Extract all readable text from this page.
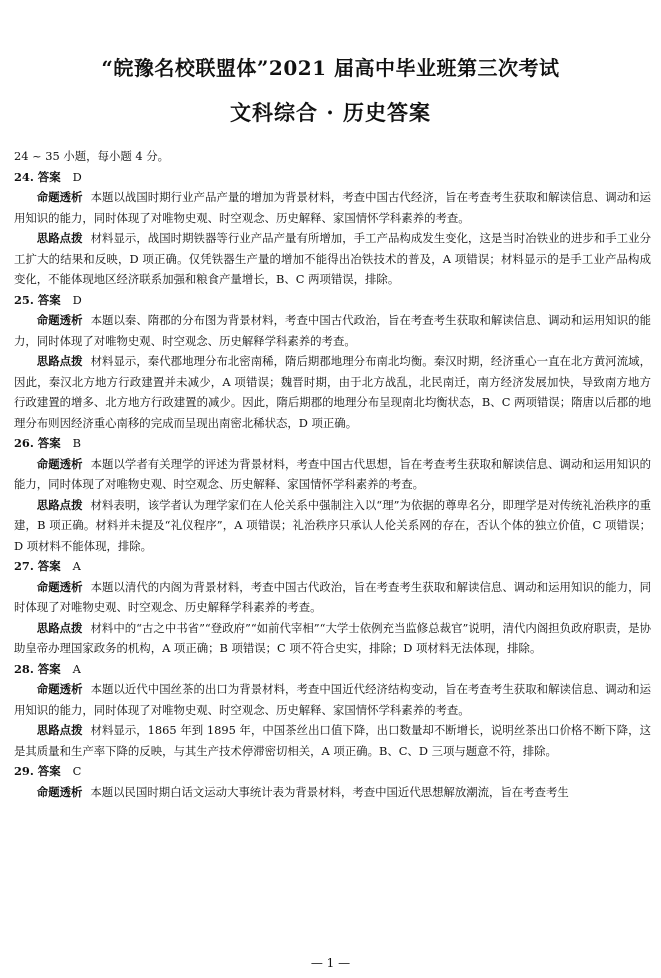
“皖豫名校联盟体”2021 届高中毕业班第三次考试
文科综合 · 历史答案
24 ~ 35 小题，每小题 4 分。
24. 答案 D

命题透析 本题以战国时期行业产品产量的增加为背景材料，考查中国古代经济，旨在考查考生获取和解读信息、调动和运用知识的能力，同时体现了对唯物史观、时空观念、历史解释、家国情怀学科素养的考查。

思路点拨 材料显示，战国时期铁器等行业产品产量有所增加，手工产品构成发生变化，这是当时冶铁业的进步和手工业分工扩大的结果和反映，D 项正确。仅凭铁器生产量的增加不能得出冶铁技术的普及，A 项错误；材料显示的是手工业产品构成变化，不能体现地区经济联系加强和粮食产量增长，B、C 两项错误，排除。

25. 答案 D

命题透析 本题以秦、隋郡的分布图为背景材料，考查中国古代政治，旨在考查考生获取和解读信息、调动和运用知识的能力，同时体现了对唯物史观、时空观念、历史解释学科素养的考查。

思路点拨 材料显示，秦代郡地理分布北密南稀，隋后期郡地理分布南北均衡。秦汉时期，经济重心一直在北方黄河流域，因此，秦汉北方地方行政建置并未减少，A 项错误；魏晋时期，由于北方战乱，北民南迁，南方经济发展加快，导致南方地方行政建置的增多、北方地方行政建置的减少。因此，隋后期郡的地理分布呈现南北均衡状态，B、C 两项错误；隋唐以后郡的地理分布则因经济重心南移的完成而呈现出南密北稀状态，D 项正确。

26. 答案 B

命题透析 本题以学者有关理学的评述为背景材料，考查中国古代思想，旨在考查考生获取和解读信息、调动和运用知识的能力，同时体现了对唯物史观、时空观念、历史解释、家国情怀学科素养的考查。

思路点拨 材料表明，该学者认为理学家们在人伦关系中强制注入以“理”为依据的尊卑名分，即理学是对传统礼治秩序的重建，B 项正确。材料并未提及“礼仪程序”，A 项错误；礼治秩序只承认人伦关系网的存在，否认个体的独立价值，C 项错误；D 项材料不能体现，排除。

27. 答案 A

命题透析 本题以清代的内阁为背景材料，考查中国古代政治，旨在考查考生获取和解读信息、调动和运用知识的能力，同时体现了对唯物史观、时空观念、历史解释学科素养的考查。

思路点拨 材料中的“古之中书省”“登政府”“如前代宰相”“大学士依例充当监修总裁官”说明，清代内阁担负政府职责，是协助皇帝办理国家政务的机构，A 项正确；B 项错误；C 项不符合史实，排除；D 项材料无法体现，排除。

28. 答案 A

命题透析 本题以近代中国丝茶的出口为背景材料，考查中国近代经济结构变动，旨在考查考生获取和解读信息、调动和运用知识的能力，同时体现了对唯物史观、时空观念、历史解释、家国情怀学科素养的考查。

思路点拨 材料显示，1865 年到 1895 年，中国茶丝出口值下降，出口数量却不断增长，说明丝茶出口价格不断下降，这是其质量和生产率下降的反映，与其生产技术停滞密切相关，A 项正确。B、C、D 三项与题意不符，排除。

29. 答案 C

命题透析 本题以民国时期白话文运动大事统计表为背景材料，考查中国近代思想解放潮流，旨在考查考生

— 1 —
